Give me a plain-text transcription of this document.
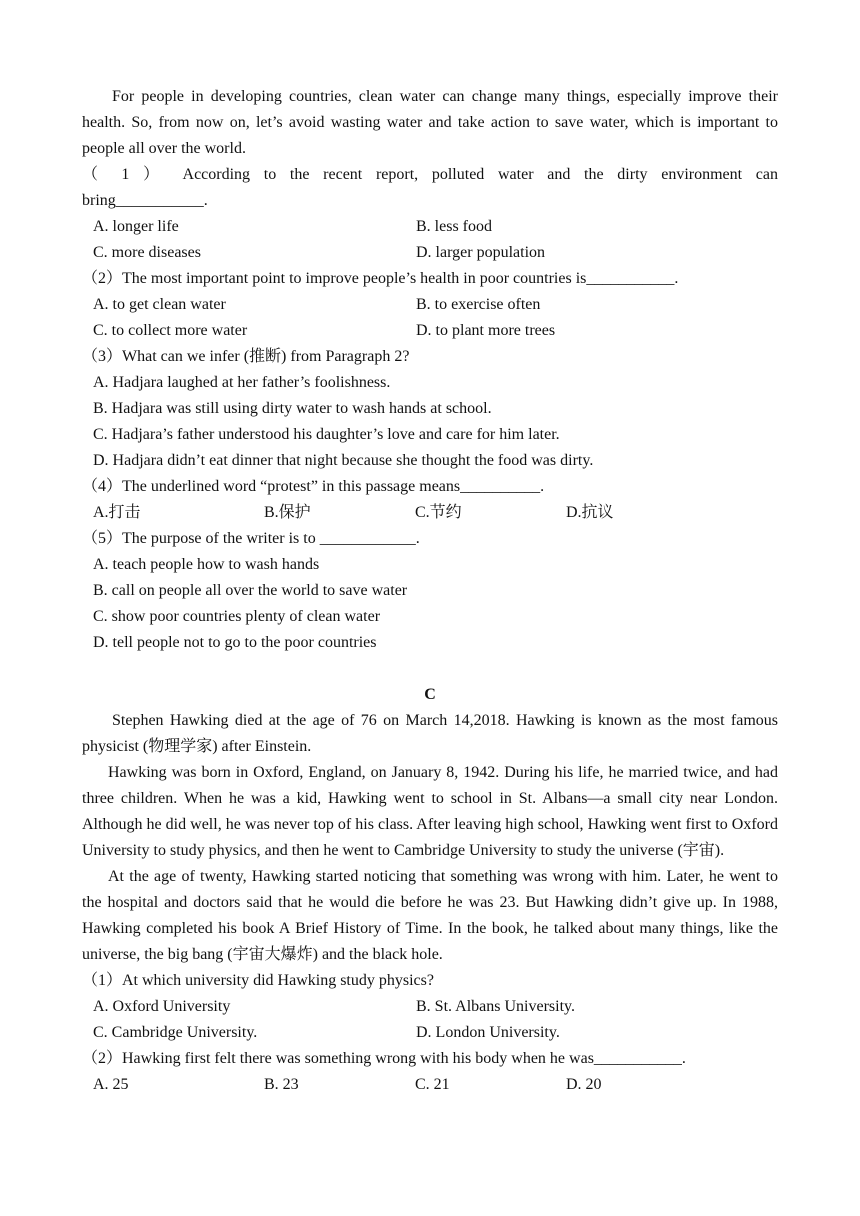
For people in developing countries, clean water can change many things, especially improve their health. So, from now on, let’s avoid wasting water and take action to save water, which is important to people all over the world.

（ 1 ） According to the recent report, polluted water and the dirty environment can
bring___________.
A. longer life	B. less food
C. more diseases	D. larger population
（2）The most important point to improve people’s health in poor countries is___________.
A. to get clean water	B. to exercise often
C. to collect more water	D. to plant more trees
（3）What can we infer (推断) from Paragraph 2?
A. Hadjara laughed at her father’s foolishness.
B. Hadjara was still using dirty water to wash hands at school.
C. Hadjara’s father understood his daughter’s love and care for him later.
D. Hadjara didn’t eat dinner that night because she thought the food was dirty.
（4）The underlined word “protest” in this passage means__________.
A.打击	B.保护	C.节约	D.抗议
（5）The purpose of the writer is to ____________.
A. teach people how to wash hands
B. call on people all over the world to save water
C. show poor countries plenty of clean water
D. tell people not to go to the poor countries
C

Stephen Hawking died at the age of 76 on March 14,2018. Hawking is known as the most famous physicist (物理学家) after Einstein.

Hawking was born in Oxford, England, on January 8, 1942. During his life, he married twice, and had three children. When he was a kid, Hawking went to school in St. Albans—a small city near London. Although he did well, he was never top of his class. After leaving high school, Hawking went first to Oxford University to study physics, and then he went to Cambridge University to study the universe (宇宙).

At the age of twenty, Hawking started noticing that something was wrong with him. Later, he went to the hospital and doctors said that he would die before he was 23. But Hawking didn’t give up. In 1988, Hawking completed his book A Brief History of Time. In the book, he talked about many things, like the universe, the big bang (宇宙大爆炸) and the black hole.

（1）At which university did Hawking study physics?
A. Oxford University	B. St. Albans University.
C. Cambridge University.	D. London University.
（2）Hawking first felt there was something wrong with his body when he was___________.
A. 25	B. 23	C. 21	D. 20
